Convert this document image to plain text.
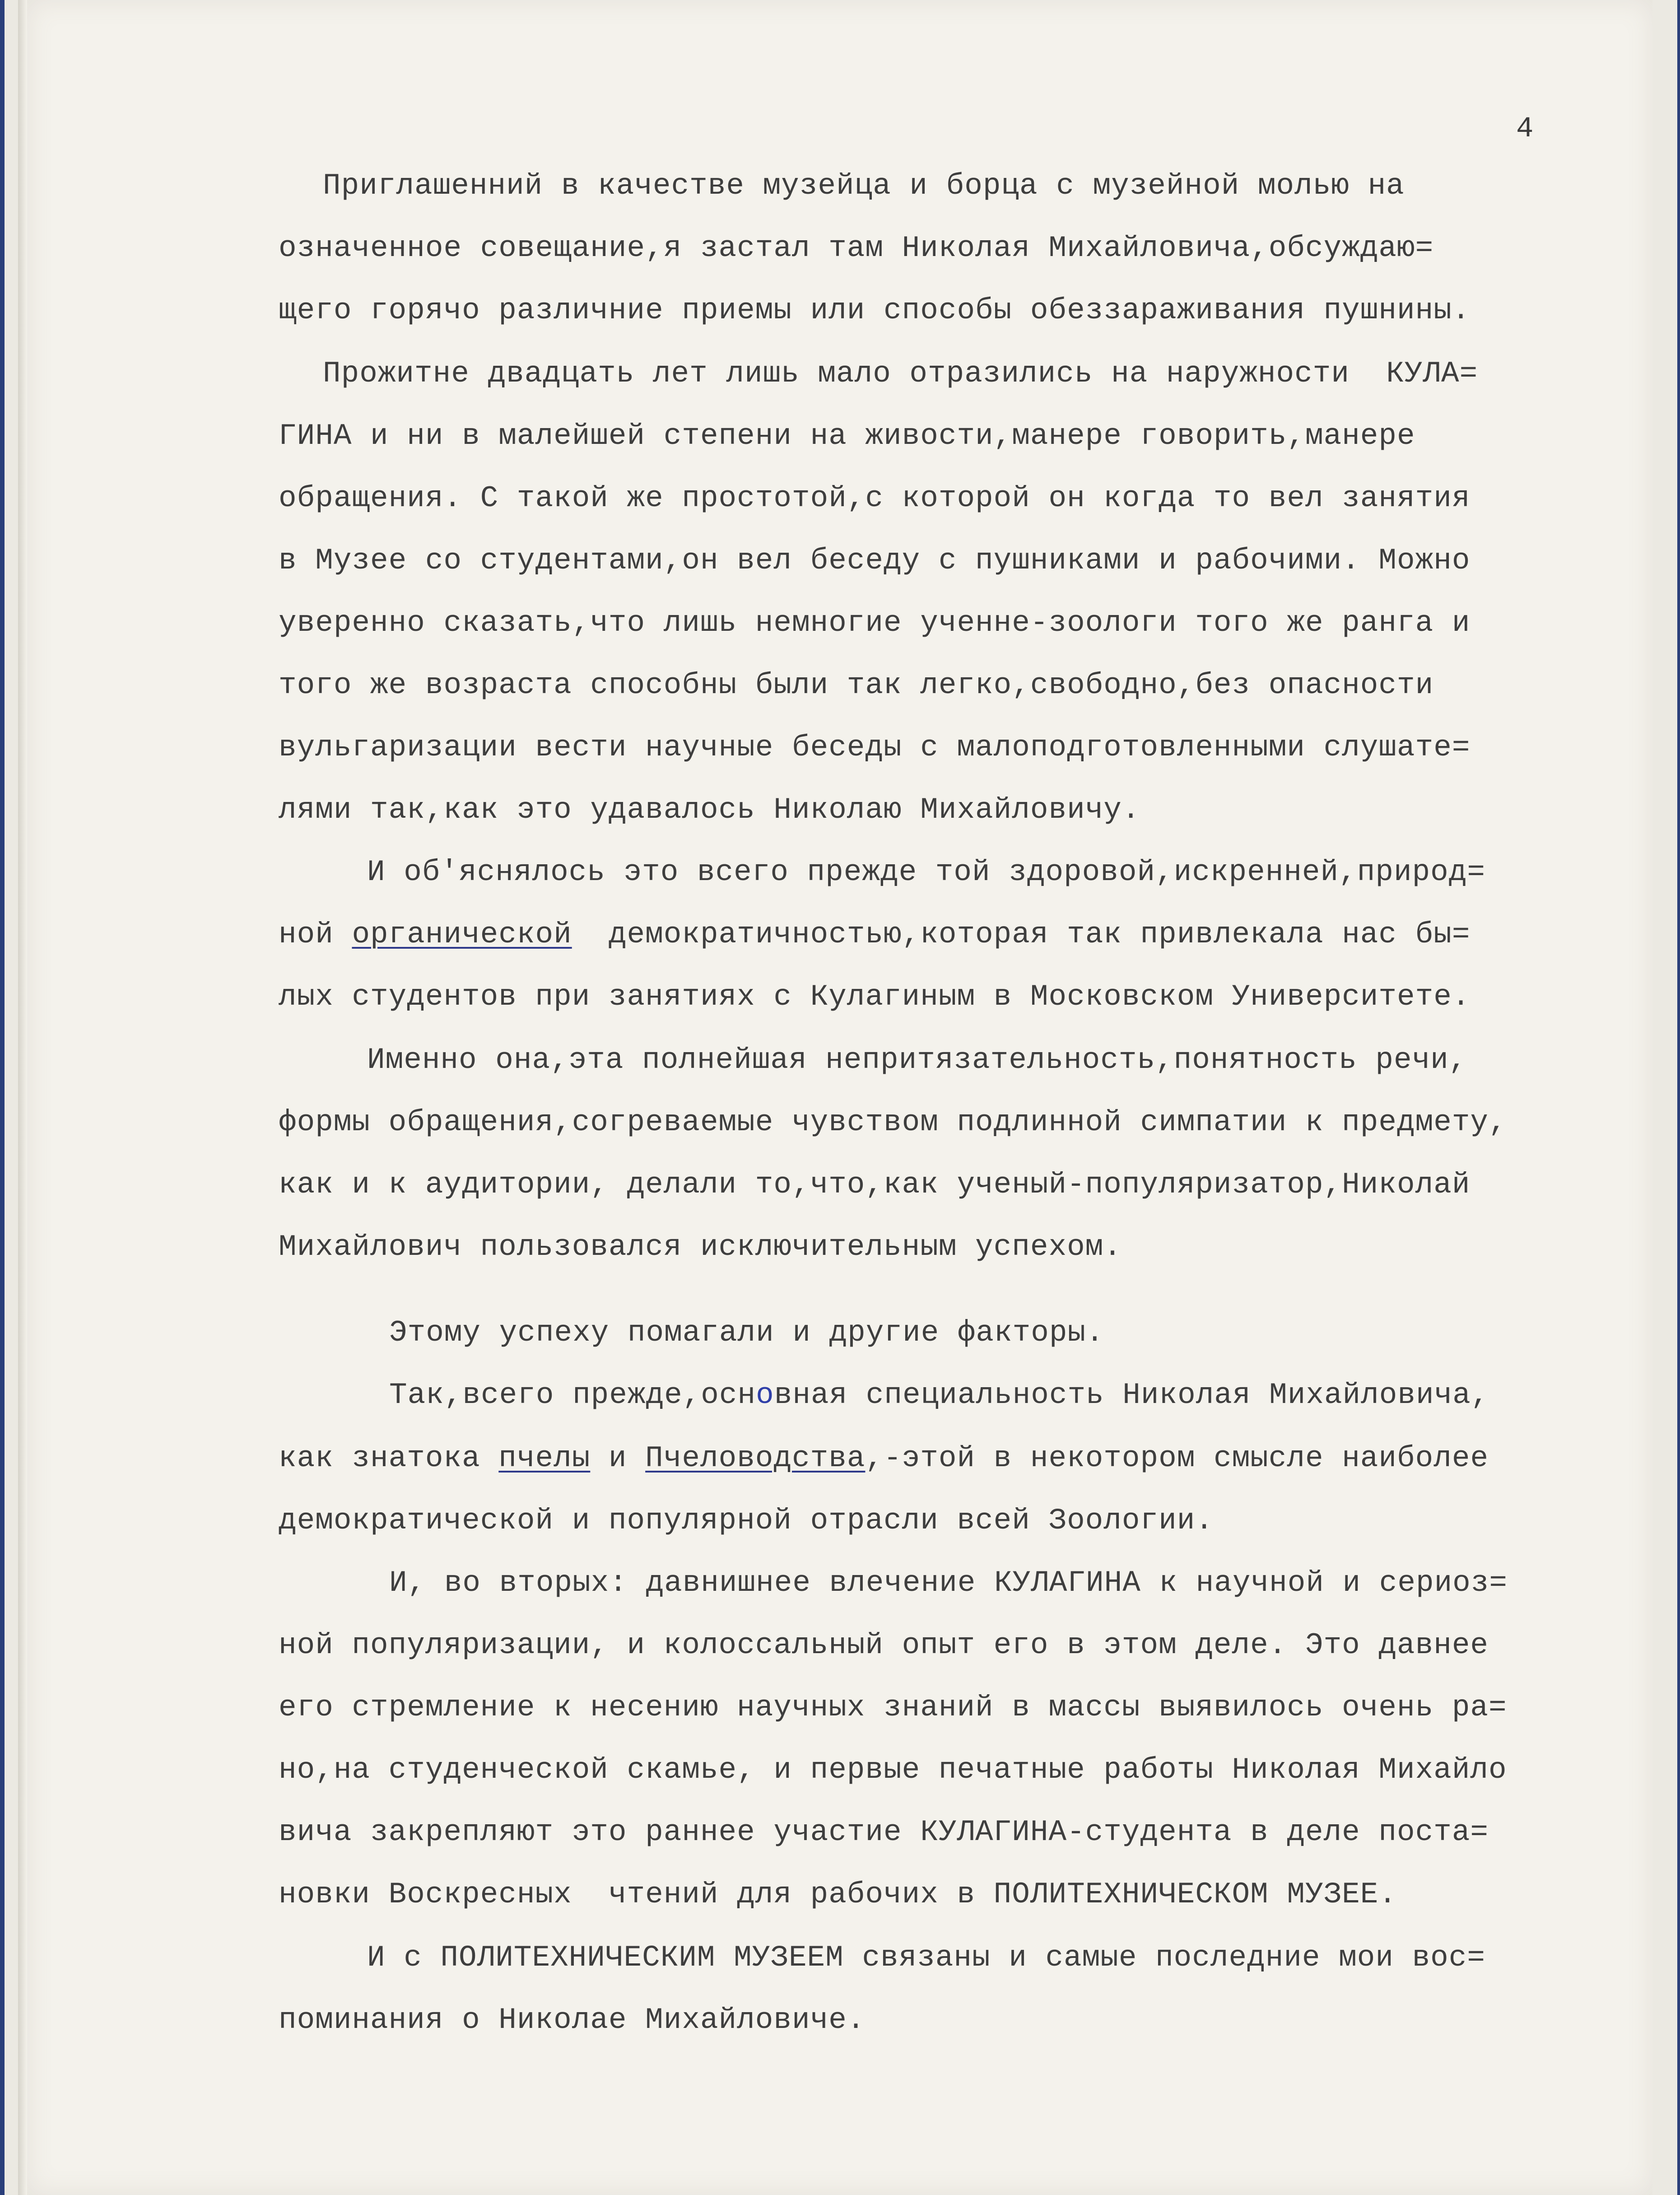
4

Приглашенний в качестве музейца и борца с музейной молью на

означенное совещание,я застал там Николая Михайловича,обсуждаю=

щего горячо различние приемы или способы обеззараживания пушнины.

Прожитне двадцать лет лишь мало отразились на наружности  КУЛА=

ГИНА и ни в малейшей степени на живости,манере говорить,манере

обращения. С такой же простотой,с которой он когда то вел занятия

в Музее со студентами,он вел беседу с пушниками и рабочими. Можно

уверенно сказать,что лишь немногие ученне-зоологи того же ранга и

того же возраста способны были так легко,свободно,без опасности

вульгаризации вести научные беседы с малоподготовленными слушате=

лями так,как это удавалось Николаю Михайловичу.

И об'яснялось это всего прежде той здоровой,искренней,природ=

ной органической  демократичностью,которая так привлекала нас бы=

лых студентов при занятиях с Кулагиным в Московском Университете.

Именно она,эта полнейшая непритязательность,понятность речи,

формы обращения,согреваемые чувством подлинной симпатии к предмету,

как и к аудитории, делали то,что,как ученый-популяризатор,Николай

Михайлович пользовался исключительным успехом.

Этому успеху помагали и другие факторы.

Так,всего прежде,основная специальность Николая Михайловича,

как знатока пчелы и Пчеловодства,-этой в некотором смысле наиболее

демократической и популярной отрасли всей Зоологии.

И, во вторых: давнишнее влечение КУЛАГИНА к научной и сериоз=

ной популяризации, и колоссальный опыт его в этом деле. Это давнее

его стремление к несению научных знаний в массы выявилось очень ра=

но,на студенческой скамье, и первые печатные работы Николая Михайло

вича закрепляют это раннее участие КУЛАГИНА-студента в деле поста=

новки Воскресных  чтений для рабочих в ПОЛИТЕХНИЧЕСКОМ МУЗЕЕ.

И с ПОЛИТЕХНИЧЕСКИМ МУЗЕЕМ связаны и самые последние мои вос=

поминания о Николае Михайловиче.
